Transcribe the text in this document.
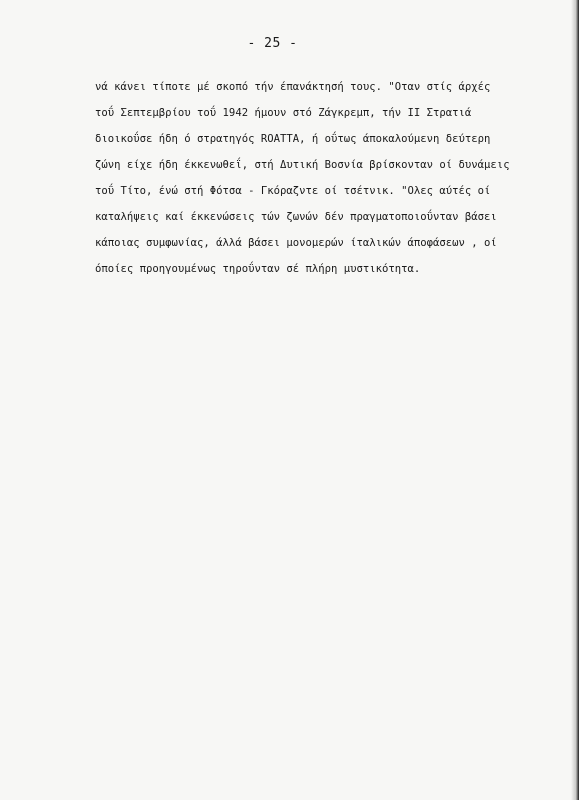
- 25 -
νά κάνει τίποτε μέ σκοπό τήν έπανάκτησή τους. "Οταν στίς άρχές
τοΰ Σεπτεμβρίου τοΰ 1942 ήμουν στό Ζάγκρεμπ, τήν ΙΙ Στρατιά
διοικοΰσε ήδη ό στρατηγός ROATTA, ή οΰτως άποκαλούμενη δεύτερη
ζώνη είχε ήδη έκκενωθεΐ, στή Δυτική Βοσνία βρίσκονταν οί δυνάμεις
τοΰ Τίτο, ένώ στή Φότσα - Γκόραζντε οί τσέτνικ. "Ολες αύτές οί
καταλήψεις καί έκκενώσεις τών ζωνών δέν πραγματοποιοΰνταν βάσει
κάποιας συμφωνίας, άλλά βάσει μονομερών ίταλικών άποφάσεων , οί
όποίες προηγουμένως τηροΰνταν σέ πλήρη μυστικότητα.
